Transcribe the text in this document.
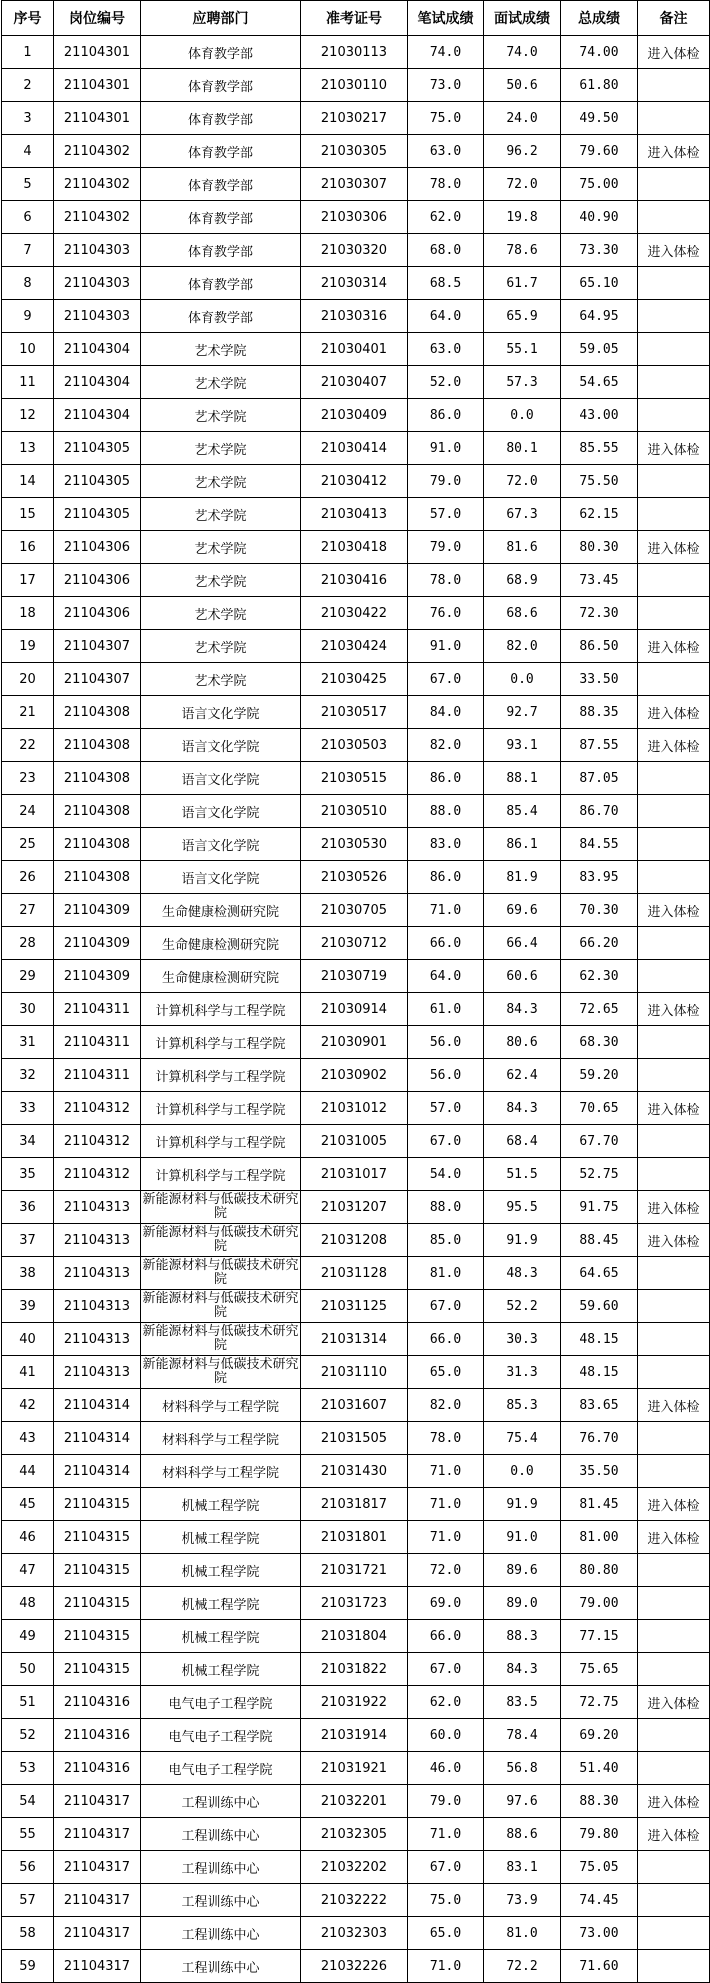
序号	岗位编号	应聘部门	准考证号	笔试成绩	面试成绩	总成绩	备注
1	21104301	体育教学部	21030113	74.0	74.0	74.00	进入体检
2	21104301	体育教学部	21030110	73.0	50.6	61.80	
3	21104301	体育教学部	21030217	75.0	24.0	49.50	
4	21104302	体育教学部	21030305	63.0	96.2	79.60	进入体检
5	21104302	体育教学部	21030307	78.0	72.0	75.00	
6	21104302	体育教学部	21030306	62.0	19.8	40.90	
7	21104303	体育教学部	21030320	68.0	78.6	73.30	进入体检
8	21104303	体育教学部	21030314	68.5	61.7	65.10	
9	21104303	体育教学部	21030316	64.0	65.9	64.95	
10	21104304	艺术学院	21030401	63.0	55.1	59.05	
11	21104304	艺术学院	21030407	52.0	57.3	54.65	
12	21104304	艺术学院	21030409	86.0	0.0	43.00	
13	21104305	艺术学院	21030414	91.0	80.1	85.55	进入体检
14	21104305	艺术学院	21030412	79.0	72.0	75.50	
15	21104305	艺术学院	21030413	57.0	67.3	62.15	
16	21104306	艺术学院	21030418	79.0	81.6	80.30	进入体检
17	21104306	艺术学院	21030416	78.0	68.9	73.45	
18	21104306	艺术学院	21030422	76.0	68.6	72.30	
19	21104307	艺术学院	21030424	91.0	82.0	86.50	进入体检
20	21104307	艺术学院	21030425	67.0	0.0	33.50	
21	21104308	语言文化学院	21030517	84.0	92.7	88.35	进入体检
22	21104308	语言文化学院	21030503	82.0	93.1	87.55	进入体检
23	21104308	语言文化学院	21030515	86.0	88.1	87.05	
24	21104308	语言文化学院	21030510	88.0	85.4	86.70	
25	21104308	语言文化学院	21030530	83.0	86.1	84.55	
26	21104308	语言文化学院	21030526	86.0	81.9	83.95	
27	21104309	生命健康检测研究院	21030705	71.0	69.6	70.30	进入体检
28	21104309	生命健康检测研究院	21030712	66.0	66.4	66.20	
29	21104309	生命健康检测研究院	21030719	64.0	60.6	62.30	
30	21104311	计算机科学与工程学院	21030914	61.0	84.3	72.65	进入体检
31	21104311	计算机科学与工程学院	21030901	56.0	80.6	68.30	
32	21104311	计算机科学与工程学院	21030902	56.0	62.4	59.20	
33	21104312	计算机科学与工程学院	21031012	57.0	84.3	70.65	进入体检
34	21104312	计算机科学与工程学院	21031005	67.0	68.4	67.70	
35	21104312	计算机科学与工程学院	21031017	54.0	51.5	52.75	
36	21104313	新能源材料与低碳技术研究院	21031207	88.0	95.5	91.75	进入体检
37	21104313	新能源材料与低碳技术研究院	21031208	85.0	91.9	88.45	进入体检
38	21104313	新能源材料与低碳技术研究院	21031128	81.0	48.3	64.65	
39	21104313	新能源材料与低碳技术研究院	21031125	67.0	52.2	59.60	
40	21104313	新能源材料与低碳技术研究院	21031314	66.0	30.3	48.15	
41	21104313	新能源材料与低碳技术研究院	21031110	65.0	31.3	48.15	
42	21104314	材料科学与工程学院	21031607	82.0	85.3	83.65	进入体检
43	21104314	材料科学与工程学院	21031505	78.0	75.4	76.70	
44	21104314	材料科学与工程学院	21031430	71.0	0.0	35.50	
45	21104315	机械工程学院	21031817	71.0	91.9	81.45	进入体检
46	21104315	机械工程学院	21031801	71.0	91.0	81.00	进入体检
47	21104315	机械工程学院	21031721	72.0	89.6	80.80	
48	21104315	机械工程学院	21031723	69.0	89.0	79.00	
49	21104315	机械工程学院	21031804	66.0	88.3	77.15	
50	21104315	机械工程学院	21031822	67.0	84.3	75.65	
51	21104316	电气电子工程学院	21031922	62.0	83.5	72.75	进入体检
52	21104316	电气电子工程学院	21031914	60.0	78.4	69.20	
53	21104316	电气电子工程学院	21031921	46.0	56.8	51.40	
54	21104317	工程训练中心	21032201	79.0	97.6	88.30	进入体检
55	21104317	工程训练中心	21032305	71.0	88.6	79.80	进入体检
56	21104317	工程训练中心	21032202	67.0	83.1	75.05	
57	21104317	工程训练中心	21032222	75.0	73.9	74.45	
58	21104317	工程训练中心	21032303	65.0	81.0	73.00	
59	21104317	工程训练中心	21032226	71.0	72.2	71.60	
